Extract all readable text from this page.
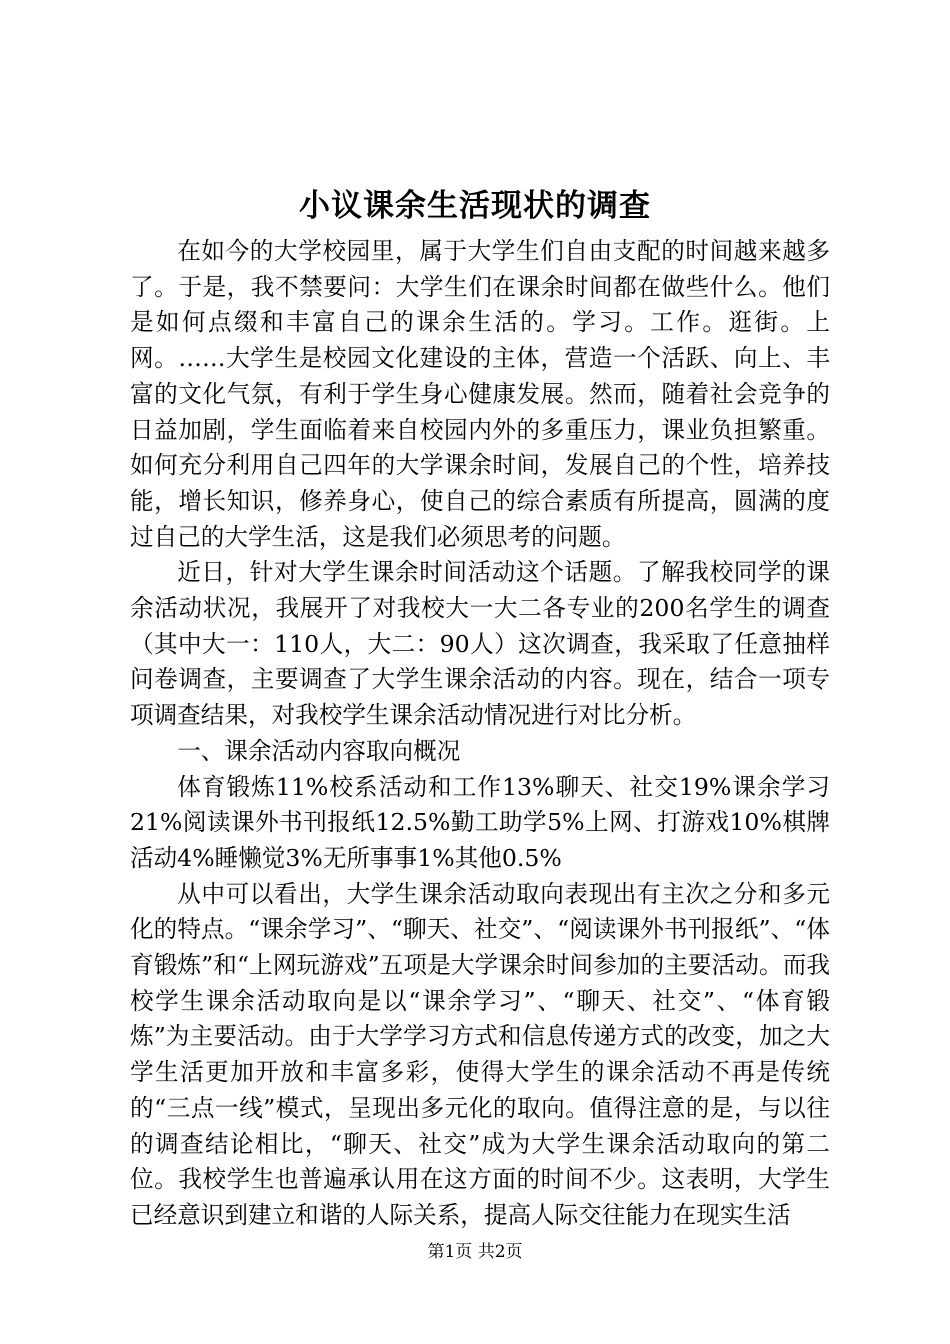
小议课余生活现状的调查

在如今的大学校园里，属于大学生们自由支配的时间越来越多了。于是，我不禁要问：大学生们在课余时间都在做些什么。他们是如何点缀和丰富自己的课余生活的。学习。工作。逛街。上网。……大学生是校园文化建设的主体，营造一个活跃、向上、丰富的文化气氛，有利于学生身心健康发展。然而，随着社会竞争的日益加剧，学生面临着来自校园内外的多重压力，课业负担繁重。如何充分利用自己四年的大学课余时间，发展自己的个性，培养技能，增长知识，修养身心，使自己的综合素质有所提高，圆满的度过自己的大学生活，这是我们必须思考的问题。

近日，针对大学生课余时间活动这个话题。了解我校同学的课余活动状况，我展开了对我校大一大二各专业的200名学生的调查（其中大一：110人，大二：90人）这次调查，我采取了任意抽样问卷调查，主要调查了大学生课余活动的内容。现在，结合一项专项调查结果，对我校学生课余活动情况进行对比分析。

一、课余活动内容取向概况

体育锻炼11%校系活动和工作13%聊天、社交19%课余学习21%阅读课外书刊报纸12.5%勤工助学5%上网、打游戏10%棋牌活动4%睡懒觉3%无所事事1%其他0.5%

从中可以看出，大学生课余活动取向表现出有主次之分和多元化的特点。“课余学习”、“聊天、社交”、“阅读课外书刊报纸”、“体育锻炼”和“上网玩游戏”五项是大学课余时间参加的主要活动。而我校学生课余活动取向是以“课余学习”、“聊天、社交”、“体育锻炼”为主要活动。由于大学学习方式和信息传递方式的改变，加之大学生活更加开放和丰富多彩，使得大学生的课余活动不再是传统的“三点一线”模式，呈现出多元化的取向。值得注意的是，与以往的调查结论相比，“聊天、社交”成为大学生课余活动取向的第二位。我校学生也普遍承认用在这方面的时间不少。这表明，大学生已经意识到建立和谐的人际关系，提高人际交往能力在现实生活

第1页 共2页
